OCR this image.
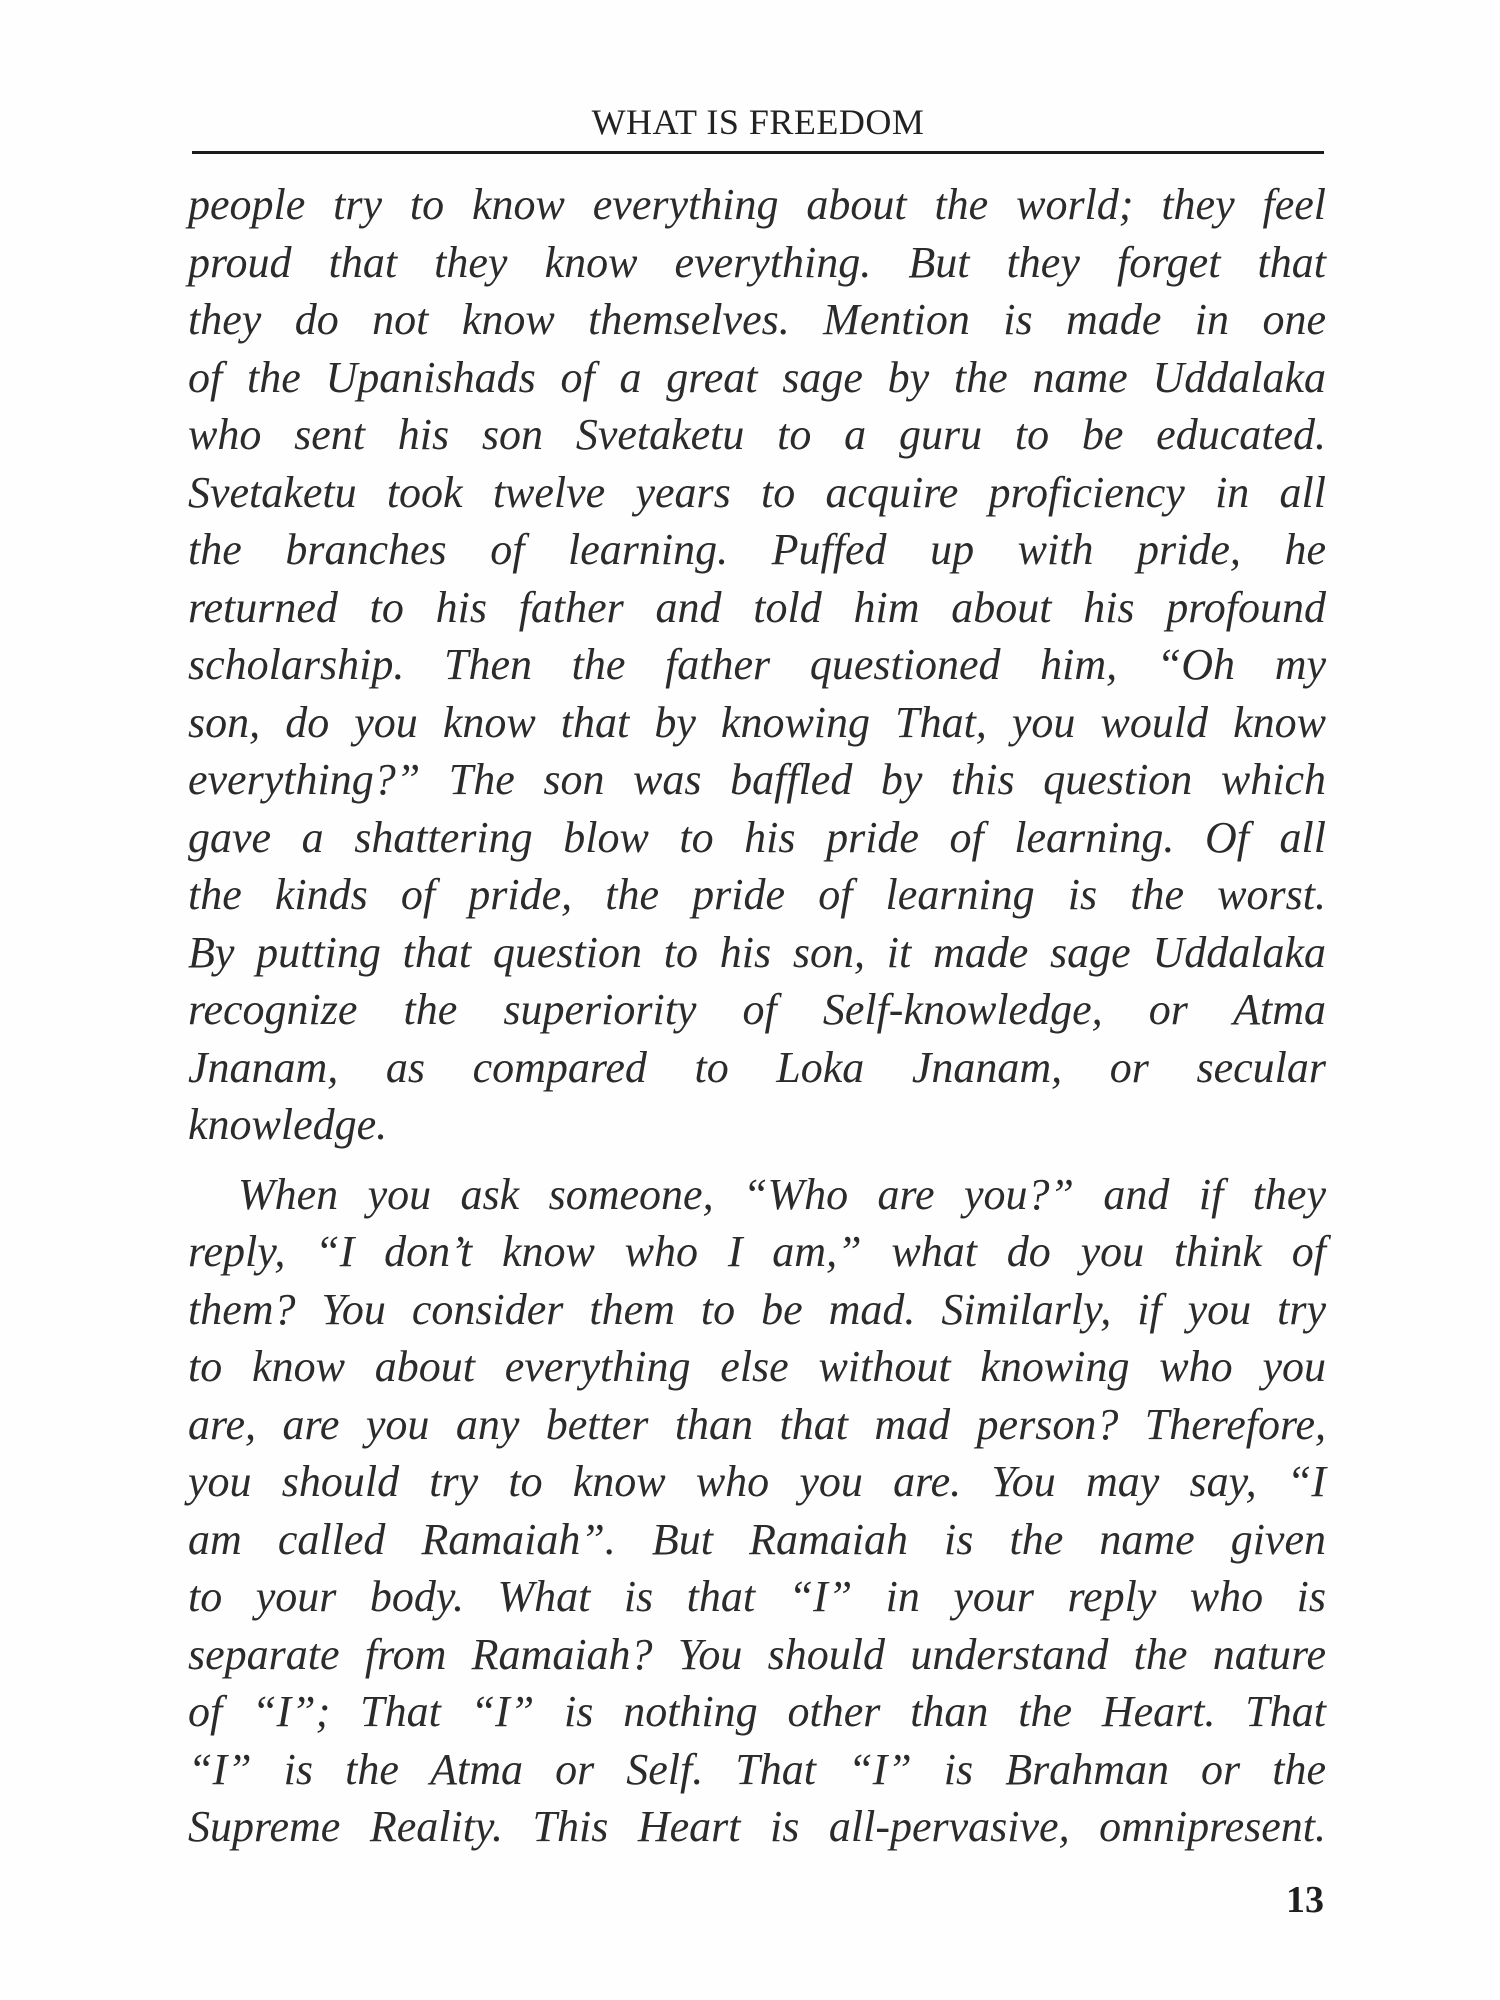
WHAT IS FREEDOM
people try to know everything about the world; they feel
proud that they know everything. But they forget that
they do not know themselves. Mention is made in one
of the Upanishads of a great sage by the name Uddalaka
who sent his son Svetaketu to a guru to be educated.
Svetaketu took twelve years to acquire proficiency in all
the branches of learning. Puffed up with pride, he
returned to his father and told him about his profound
scholarship. Then the father questioned him, “Oh my
son, do you know that by knowing That, you would know
everything?” The son was baffled by this question which
gave a shattering blow to his pride of learning. Of all
the kinds of pride, the pride of learning is the worst.
By putting that question to his son, it made sage Uddalaka
recognize the superiority of Self-knowledge, or Atma
Jnanam, as compared to Loka Jnanam, or secular
knowledge.
When you ask someone, “Who are you?” and if they
reply, “I don’t know who I am,” what do you think of
them? You consider them to be mad. Similarly, if you try
to know about everything else without knowing who you
are, are you any better than that mad person? Therefore,
you should try to know who you are. You may say, “I
am called Ramaiah”. But Ramaiah is the name given
to your body. What is that “I” in your reply who is
separate from Ramaiah? You should understand the nature
of “I”; That “I” is nothing other than the Heart. That
“I” is the Atma or Self. That “I” is Brahman or the
Supreme Reality. This Heart is all-pervasive, omnipresent.
13
